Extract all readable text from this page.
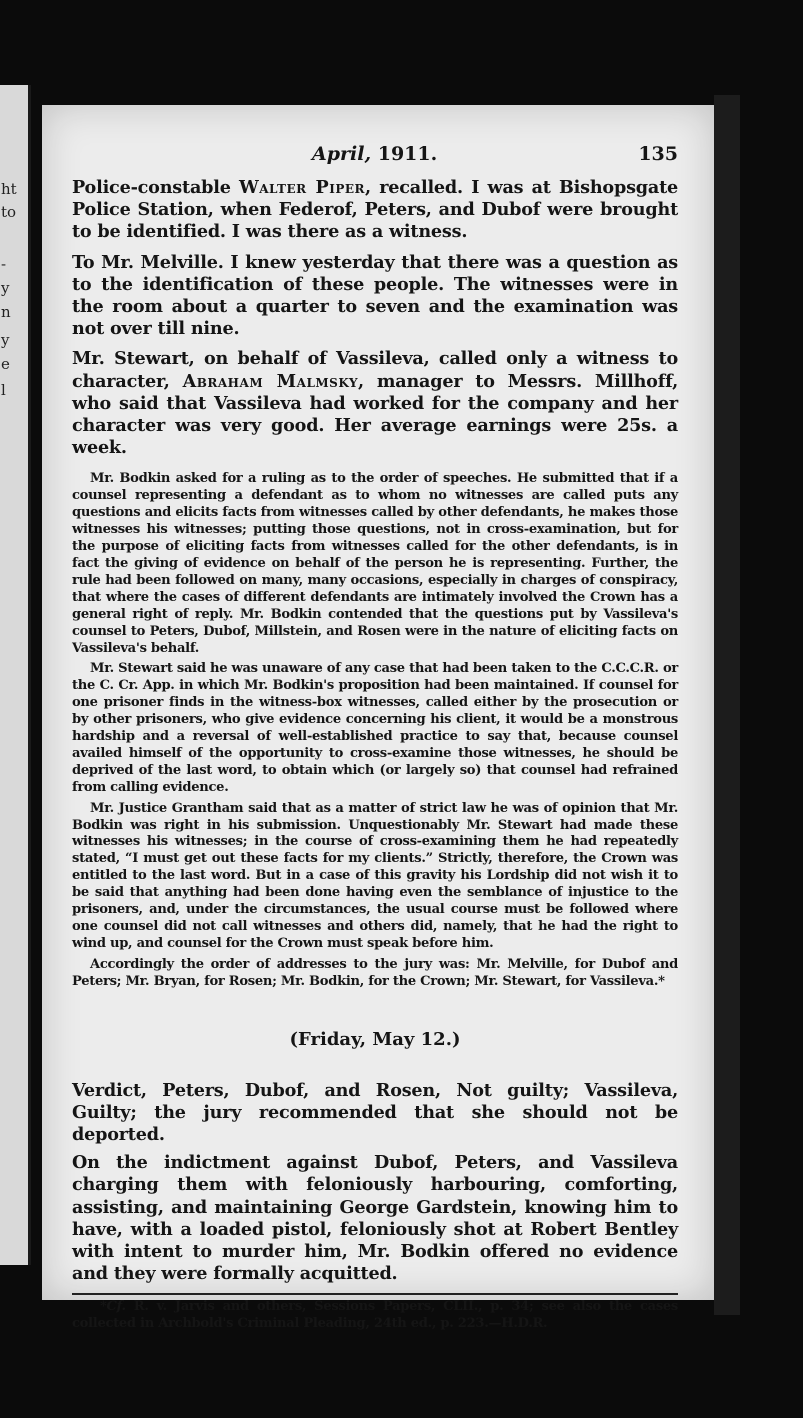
ht
to
-
y
n
y
e
l
April, 1911.	135

Police-constable Walter Piper, recalled. I was at Bishopsgate Police Station, when Federof, Peters, and Dubof were brought to be identified. I was there as a witness.

To Mr. Melville. I knew yesterday that there was a question as to the identification of these people. The witnesses were in the room about a quarter to seven and the examination was not over till nine.

Mr. Stewart, on behalf of Vassileva, called only a witness to character, Abraham Malmsky, manager to Messrs. Millhoff, who said that Vassileva had worked for the company and her character was very good. Her average earnings were 25s. a week.

Mr. Bodkin asked for a ruling as to the order of speeches. He submitted that if a counsel representing a defendant as to whom no witnesses are called puts any questions and elicits facts from witnesses called by other defendants, he makes those witnesses his witnesses; putting those questions, not in cross-examination, but for the purpose of eliciting facts from witnesses called for the other defendants, is in fact the giving of evidence on behalf of the person he is representing. Further, the rule had been followed on many, many occasions, especially in charges of conspiracy, that where the cases of different defendants are intimately involved the Crown has a general right of reply. Mr. Bodkin contended that the questions put by Vassileva's counsel to Peters, Dubof, Millstein, and Rosen were in the nature of eliciting facts on Vassileva's behalf.

Mr. Stewart said he was unaware of any case that had been taken to the C.C.C.R. or the C. Cr. App. in which Mr. Bodkin's proposition had been maintained. If counsel for one prisoner finds in the witness-box witnesses, called either by the prosecution or by other prisoners, who give evidence concerning his client, it would be a monstrous hardship and a reversal of well-established practice to say that, because counsel availed himself of the opportunity to cross-examine those witnesses, he should be deprived of the last word, to obtain which (or largely so) that counsel had refrained from calling evidence.

Mr. Justice Grantham said that as a matter of strict law he was of opinion that Mr. Bodkin was right in his submission. Unquestionably Mr. Stewart had made these witnesses his witnesses; in the course of cross-examining them he had repeatedly stated, “I must get out these facts for my clients.” Strictly, therefore, the Crown was entitled to the last word. But in a case of this gravity his Lordship did not wish it to be said that anything had been done having even the semblance of injustice to the prisoners, and, under the circumstances, the usual course must be followed where one counsel did not call witnesses and others did, namely, that he had the right to wind up, and counsel for the Crown must speak before him.

Accordingly the order of addresses to the jury was: Mr. Melville, for Dubof and Peters; Mr. Bryan, for Rosen; Mr. Bodkin, for the Crown; Mr. Stewart, for Vassileva.*

(Friday, May 12.)

Verdict, Peters, Dubof, and Rosen, Not guilty; Vassileva, Guilty; the jury recommended that she should not be deported.

On the indictment against Dubof, Peters, and Vassileva charging them with feloniously harbouring, comforting, assisting, and maintaining George Gardstein, knowing him to have, with a loaded pistol, feloniously shot at Robert Bentley with intent to murder him, Mr. Bodkin offered no evidence and they were formally acquitted.

*Cf. R. v. Jarvis and others, Sessions Papers, CLII., p. 34; see also the cases collected in Archbold's Criminal Pleading, 24th ed., p. 223.—H.D.R.
